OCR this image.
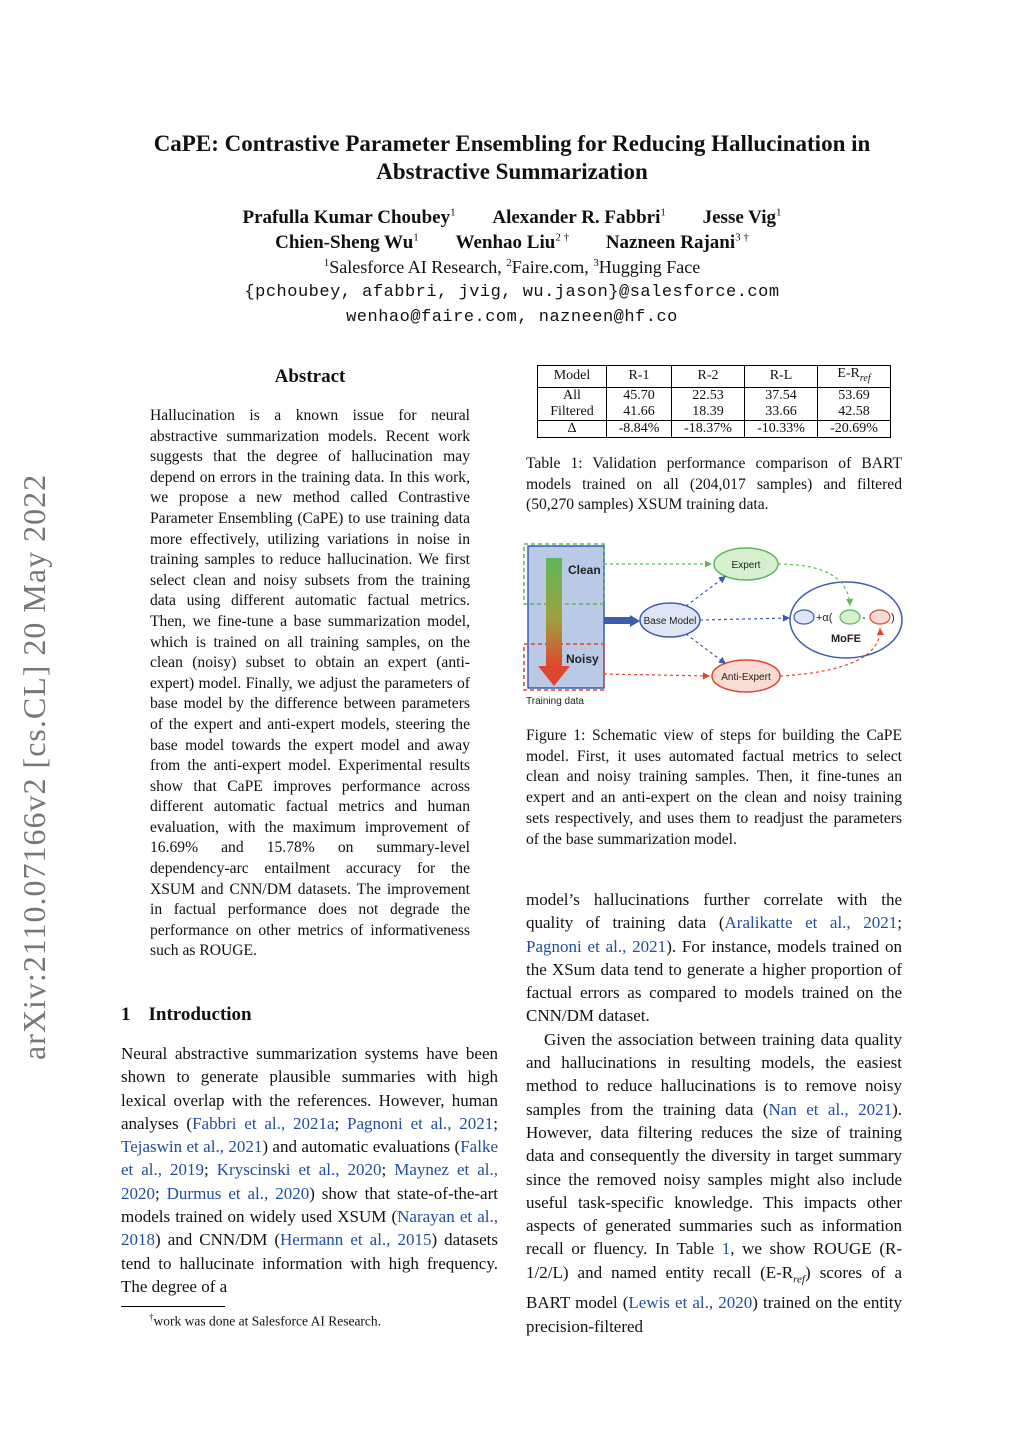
CaPE: Contrastive Parameter Ensembling for Reducing Hallucination in Abstractive Summarization
Prafulla Kumar Choubey$^1$ Alexander R. Fabbri$^1$ Jesse Vig$^1$
Chien-Sheng Wu$^1$ Wenhao Liu$^{2 \dagger}$ Nazneen Rajani$^{3 \dagger}$
$^1$Salesforce AI Research, $^2$Faire.com, $^3$Hugging Face
{pchoubey, afabbri, jvig, wu.jason}@salesforce.com
wenhao@faire.com, nazneen@hf.co
arXiv:2110.07166v2 [cs.CL] 20 May 2022
Abstract
Hallucination is a known issue for neural abstractive summarization models. Recent work suggests that the degree of hallucination may depend on errors in the training data. In this work, we propose a new method called Contrastive Parameter Ensembling (CaPE) to use training data more effectively, utilizing variations in noise in training samples to reduce hallucination. We first select clean and noisy subsets from the training data using different automatic factual metrics. Then, we fine-tune a base summarization model, which is trained on all training samples, on the clean (noisy) subset to obtain an expert (anti-expert) model. Finally, we adjust the parameters of base model by the difference between parameters of the expert and anti-expert models, steering the base model towards the expert model and away from the anti-expert model. Experimental results show that CaPE improves performance across different automatic factual metrics and human evaluation, with the maximum improvement of 16.69% and 15.78% on summary-level dependency-arc entailment accuracy for the XSUM and CNN/DM datasets. The improvement in factual performance does not degrade the performance on other metrics of informativeness such as ROUGE.
1 Introduction
Neural abstractive summarization systems have been shown to generate plausible summaries with high lexical overlap with the references. However, human analyses (Fabbri et al., 2021a; Pagnoni et al., 2021; Tejaswin et al., 2021) and automatic evaluations (Falke et al., 2019; Kryscinski et al., 2020; Maynez et al., 2020; Durmus et al., 2020) show that state-of-the-art models trained on widely used XSUM (Narayan et al., 2018) and CNN/DM (Hermann et al., 2015) datasets tend to hallucinate information with high frequency. The degree of a
†work was done at Salesforce AI Research.
Model	R-1	R-2	R-L	$E-R_{ref}$
All	45.70	22.53	37.54	53.69
Filtered	41.66	18.39	33.66	42.58
Δ	-8.84%	-18.37%	-10.33%	-20.69%
Table 1: Validation performance comparison of BART models trained on all (204,017 samples) and filtered (50,270 samples) XSUM training data.
Clean
Noisy
Training data
Base Model
Expert
Anti-Expert
+α(	- )
MoFE
Figure 1: Schematic view of steps for building the CaPE model. First, it uses automated factual metrics to select clean and noisy training samples. Then, it fine-tunes an expert and an anti-expert on the clean and noisy training sets respectively, and uses them to readjust the parameters of the base summarization model.

model’s hallucinations further correlate with the quality of training data (Aralikatte et al., 2021; Pagnoni et al., 2021). For instance, models trained on the XSum data tend to generate a higher proportion of factual errors as compared to models trained on the CNN/DM dataset.

Given the association between training data quality and hallucinations in resulting models, the easiest method to reduce hallucinations is to remove noisy samples from the training data (Nan et al., 2021). However, data filtering reduces the size of training data and consequently the diversity in target summary since the removed noisy samples might also include useful task-specific knowledge. This impacts other aspects of generated summaries such as information recall or fluency. In Table 1, we show ROUGE (R-1/2/L) and named entity recall $(E-R_{ref})$ scores of a BART model (Lewis et al., 2020) trained on the entity precision-filtered
